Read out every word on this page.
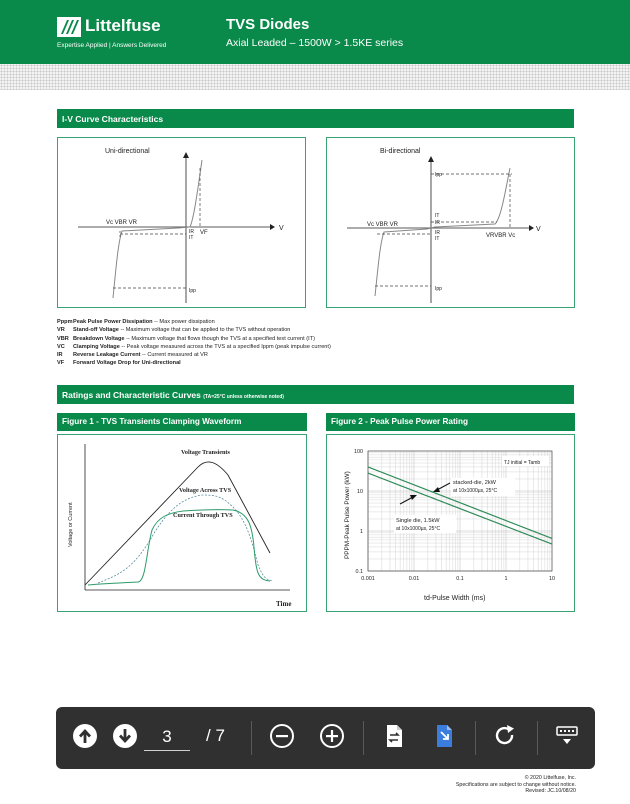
Littelfuse
Expertise Applied | Answers Delivered
TVS Diodes
Axial Leaded – 1500W > 1.5KE series
I-V Curve Characteristics
Uni-directional
Vc VBR VR
V
IR VF
IT
Ipp
Bi-directional
Ipp
IT
IR
Vc VBR VR
IR
IT	VRVBR Vc
V
Ipp
PppmPeak Pulse Power Dissipation -- Max power dissipation
VR Stand-off Voltage -- Maximum voltage that can be applied to the TVS without operation
VBR Breakdown Voltage -- Maximum voltage that flows though the TVS at a specified test current (IT)
VC Clamping Voltage -- Peak voltage measured across the TVS at a specified Ippm (peak impulse current)
IR Reverse Leakage Current -- Current measured at VR
VF Forward Voltage Drop for Uni-directional
Ratings and Characteristic Curves (TA=25°C unless otherwise noted)
Figure 1 - TVS Transients Clamping Waveform
Voltage Transients
Voltage Across TVS
Current Through TVS
Voltage or Current
Time
Figure 2 - Peak Pulse Power Rating
0.001	0.01	0.1	1	10
100
10
1
0.1
TJ initial = Tamb
stacked-die, 2kW
at 10x1000µs, 25°C
Single die, 1.5kW
at 10x1000µs, 25°C
PPPM-Peak Pulse Power (kW)
td-Pulse Width (ms)
3
/ 7
© 2020 Littelfuse, Inc.
Specifications are subject to change without notice.
Revised: JC.10/08/20
